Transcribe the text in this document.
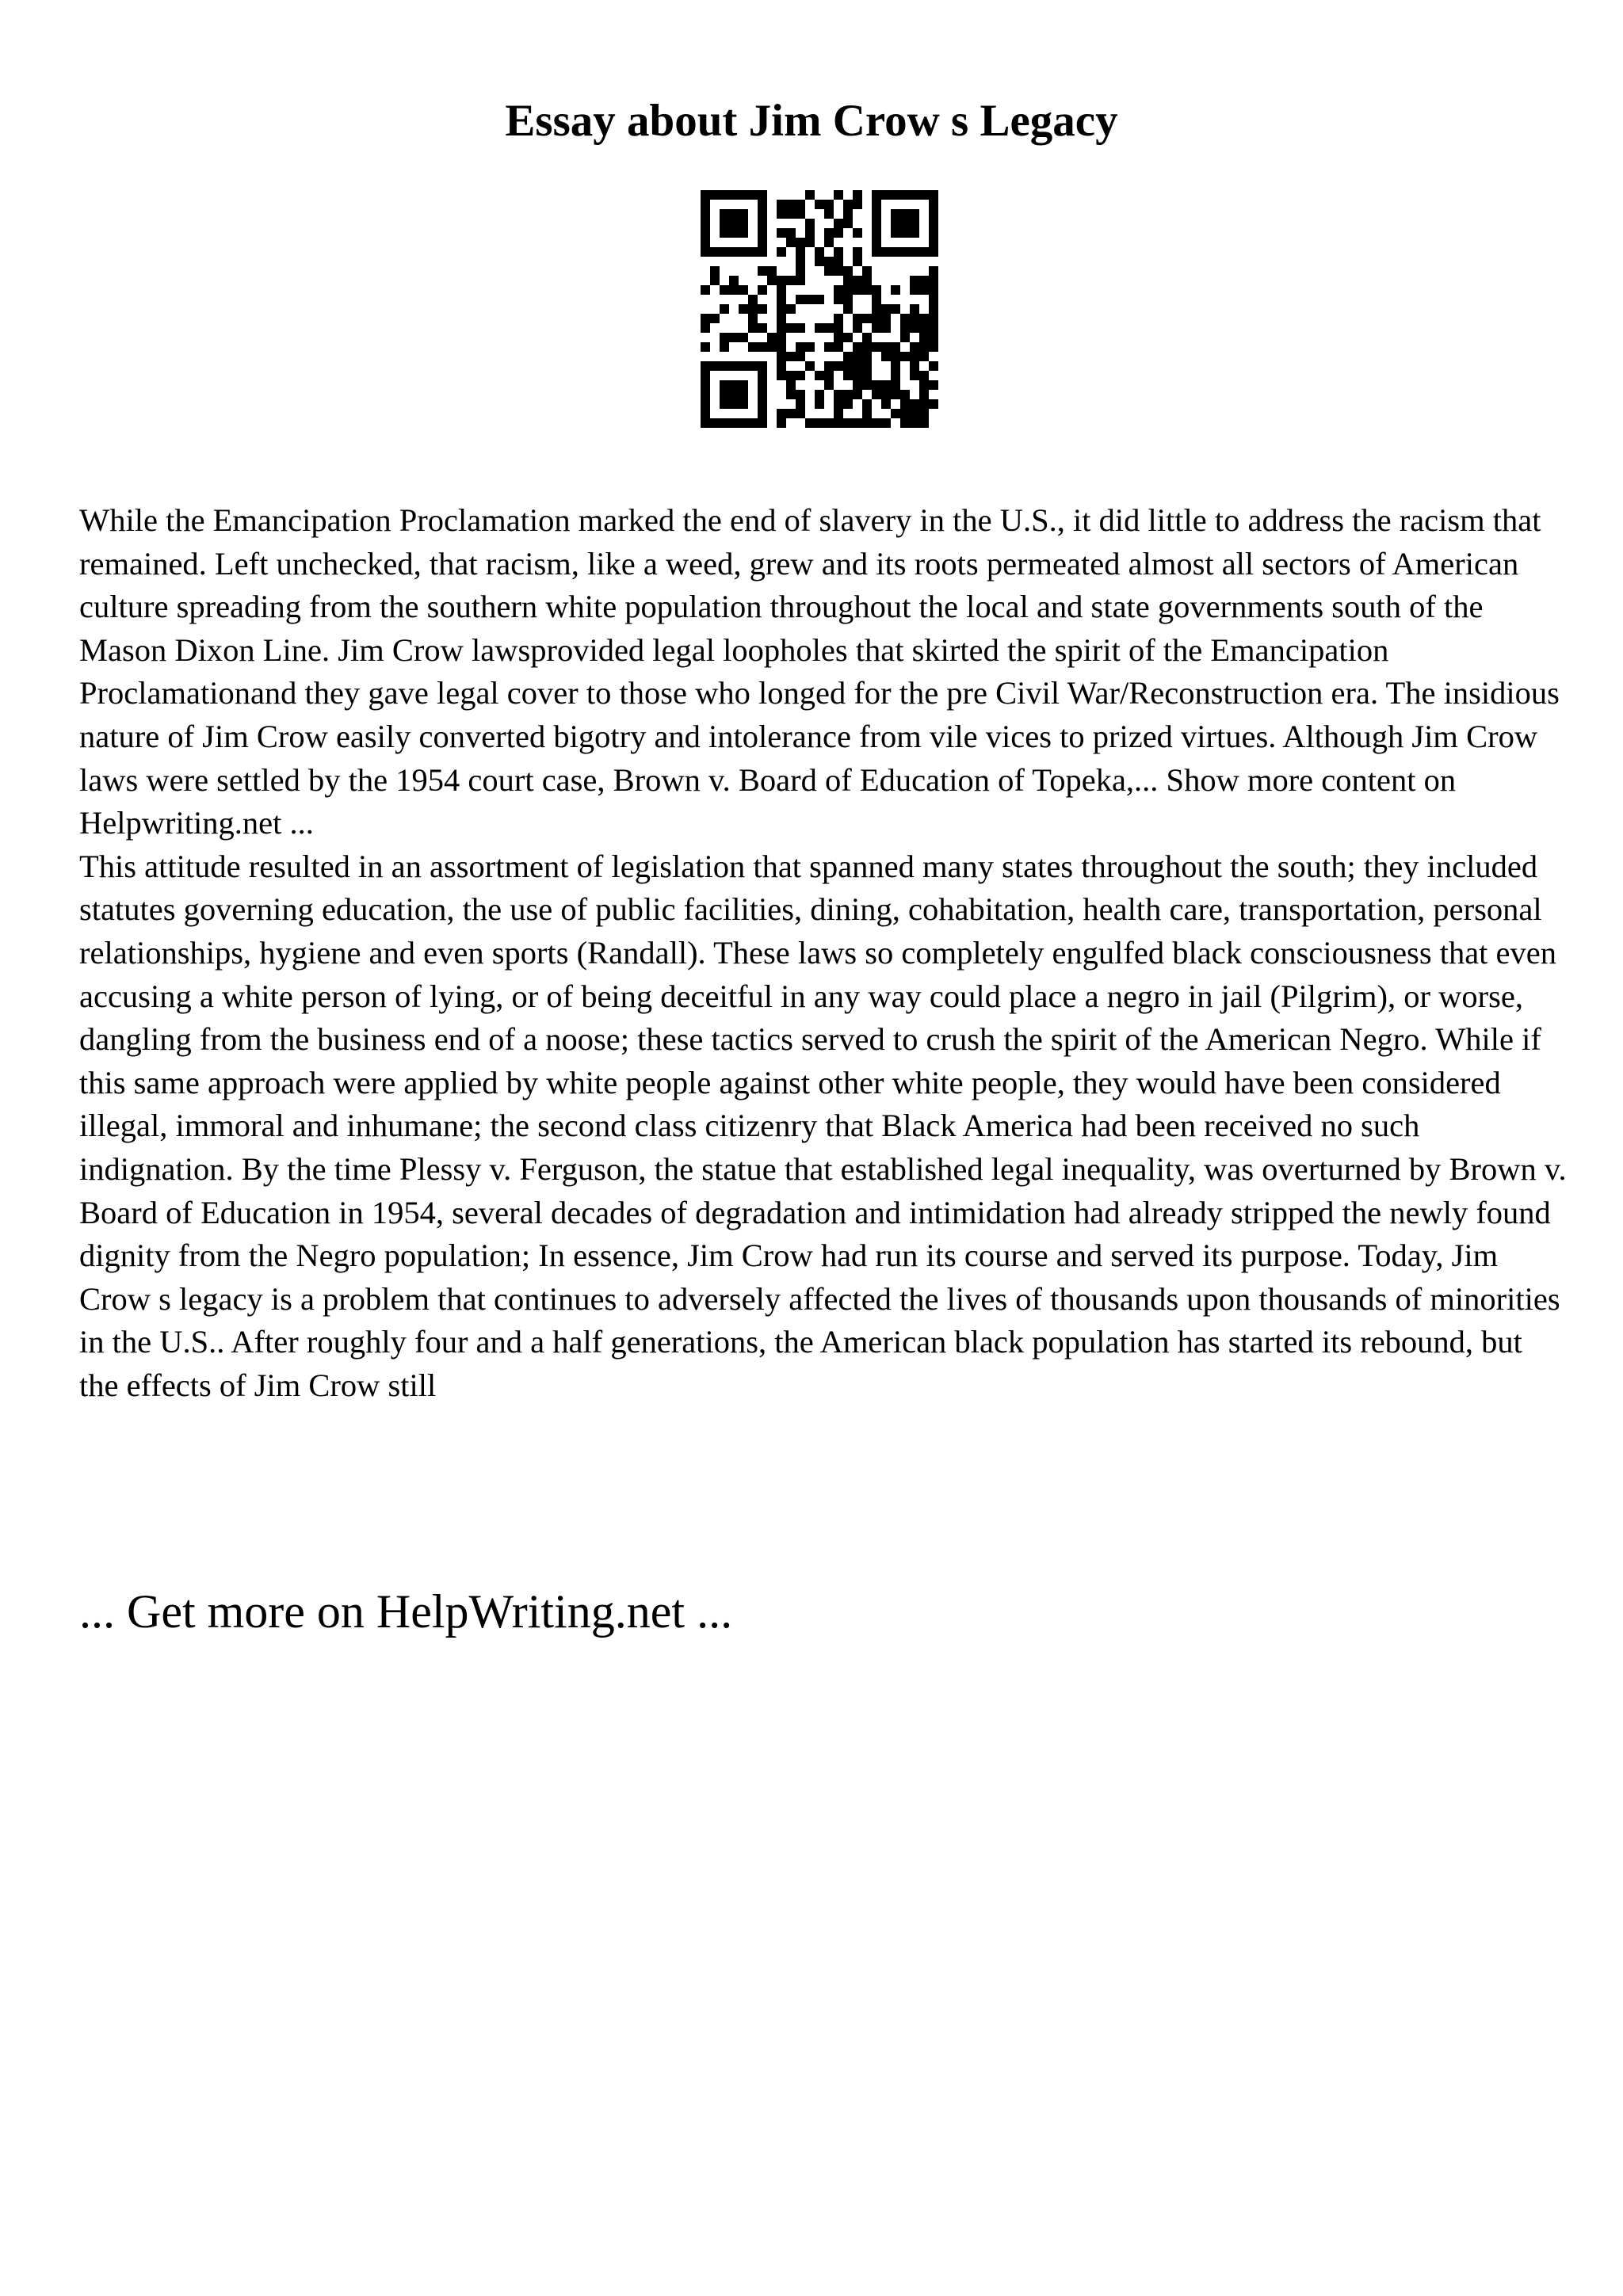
Essay about Jim Crow s Legacy

While the Emancipation Proclamation marked the end of slavery in the U.S., it did little to address the racism that remained. Left unchecked, that racism, like a weed, grew and its roots permeated almost all sectors of American culture spreading from the southern white population throughout the local and state governments south of the Mason Dixon Line. Jim Crow lawsprovided legal loopholes that skirted the spirit of the Emancipation Proclamationand they gave legal cover to those who longed for the pre Civil War/Reconstruction era. The insidious nature of Jim Crow easily converted bigotry and intolerance from vile vices to prized virtues. Although Jim Crow laws were settled by the 1954 court case, Brown v. Board of Education of Topeka,... Show more content on Helpwriting.net ...

This attitude resulted in an assortment of legislation that spanned many states throughout the south; they included statutes governing education, the use of public facilities, dining, cohabitation, health care, transportation, personal relationships, hygiene and even sports (Randall). These laws so completely engulfed black consciousness that even accusing a white person of lying, or of being deceitful in any way could place a negro in jail (Pilgrim), or worse, dangling from the business end of a noose; these tactics served to crush the spirit of the American Negro. While if this same approach were applied by white people against other white people, they would have been considered illegal, immoral and inhumane; the second class citizenry that Black America had been received no such indignation. By the time Plessy v. Ferguson, the statue that established legal inequality, was overturned by Brown v. Board of Education in 1954, several decades of degradation and intimidation had already stripped the newly found dignity from the Negro population; In essence, Jim Crow had run its course and served its purpose. Today, Jim Crow s legacy is a problem that continues to adversely affected the lives of thousands upon thousands of minorities in the U.S.. After roughly four and a half generations, the American black population has started its rebound, but the effects of Jim Crow still

... Get more on HelpWriting.net ...
